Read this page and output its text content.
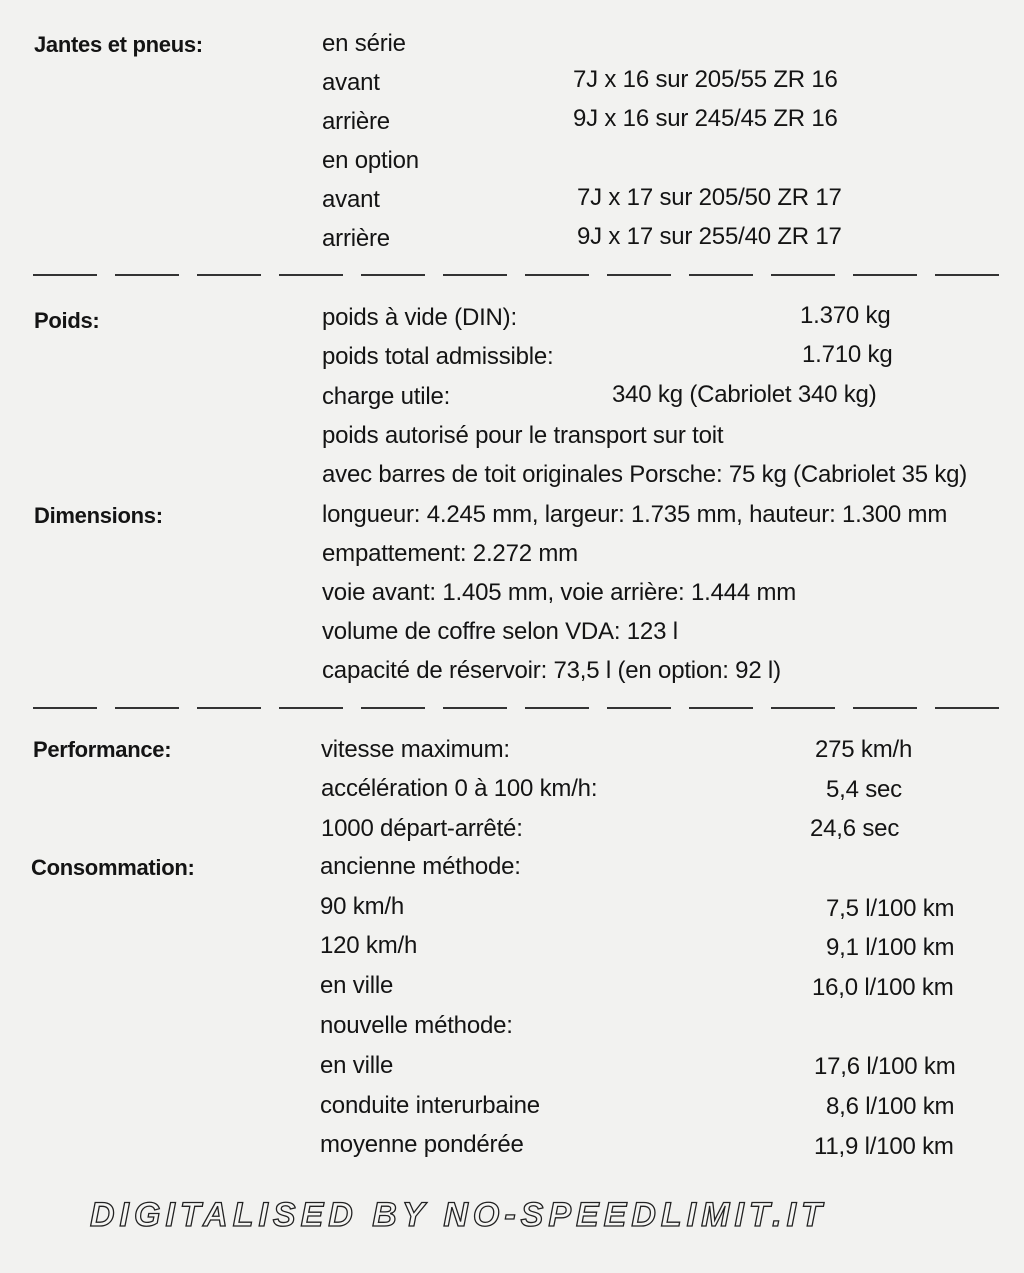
Jantes et pneus:	en série
avant	7J x 16 sur 205/55 ZR 16
arrière	9J x 16 sur 245/45 ZR 16
en option
avant	7J x 17 sur 205/50 ZR 17
arrière	9J x 17 sur 255/40 ZR 17
Poids:	poids à vide (DIN):	1.370 kg
poids total admissible:	1.710 kg
charge utile:	340 kg (Cabriolet 340 kg)
poids autorisé pour le transport sur toit
avec barres de toit originales Porsche: 75 kg (Cabriolet 35 kg)
Dimensions:	longueur: 4.245 mm, largeur: 1.735 mm, hauteur: 1.300 mm
empattement: 2.272 mm
voie avant: 1.405 mm, voie arrière: 1.444 mm
volume de coffre selon VDA: 123 l
capacité de réservoir: 73,5 l (en option: 92 l)
Performance:	vitesse maximum:	275 km/h
accélération 0 à 100 km/h:	5,4 sec
1000 départ-arrêté:	24,6 sec
Consommation:	ancienne méthode:
90 km/h	7,5 l/100 km
120 km/h	9,1 l/100 km
en ville	16,0 l/100 km
nouvelle méthode:
en ville	17,6 l/100 km
conduite interurbaine	8,6 l/100 km
moyenne pondérée	11,9 l/100 km
DIGITALISED BY NO-SPEEDLIMIT.IT
